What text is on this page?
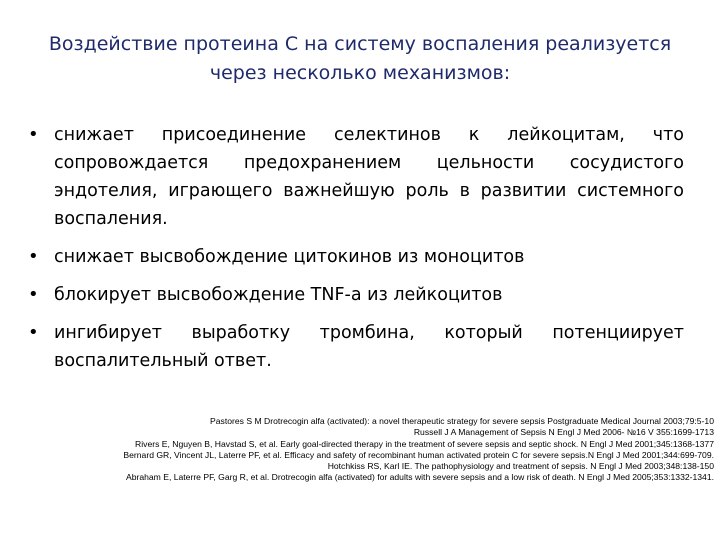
Воздействие протеина С на систему воспаления реализуется
через несколько механизмов:
• снижает присоединение селектинов к лейкоцитам, что сопровождается предохранением цельности сосудистого эндотелия, играющего важнейшую роль в развитии системного воспаления.
• снижает высвобождение цитокинов из моноцитов
• блокирует высвобождение TNF-a из лейкоцитов
• ингибирует выработку тромбина, который потенциирует воспалительный ответ.
Pastores S M Drotrecogin alfa (activated): a novel therapeutic strategy for severe sepsis Postgraduate Medical Journal 2003;79:5-10
Russell J A Management of Sepsis N Engl J Med 2006- №16 V 355:1699-1713
Rivers E, Nguyen B, Havstad S, et al. Early goal-directed therapy in the treatment of severe sepsis and septic shock. N Engl J Med 2001;345:1368-1377
Bernard GR, Vincent JL, Laterre PF, et al. Efficacy and safety of recombinant human activated protein C for severe sepsis.N Engl J Med 2001;344:699-709.
Hotchkiss RS, Karl IE. The pathophysiology and treatment of sepsis. N Engl J Med 2003;348:138-150
Abraham E, Laterre PF, Garg R, et al. Drotrecogin alfa (activated) for adults with severe sepsis and a low risk of death. N Engl J Med 2005;353:1332-1341.
